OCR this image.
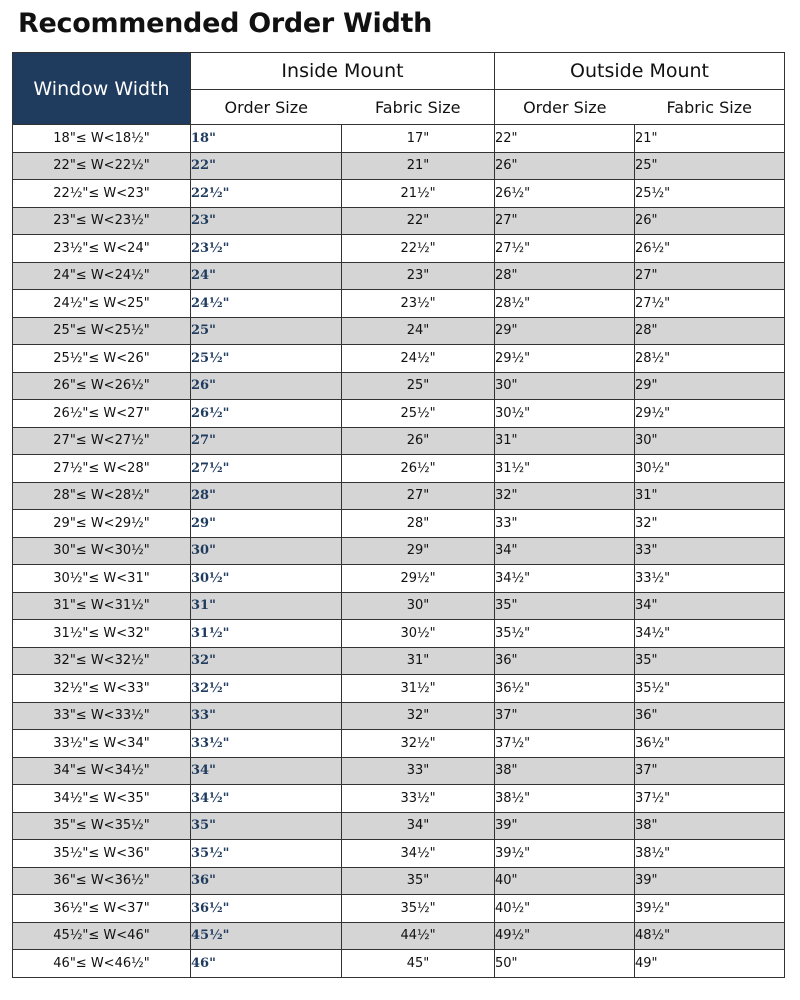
Recommended Order Width
Window Width	Inside Mount		Outside Mount	
	Order Size	Fabric Size	Order Size	Fabric Size
18"≤ W<18½"	18"	17"	22"	21"
22"≤ W<22½"	22"	21"	26"	25"
22½"≤ W<23"	22½"	21½"	26½"	25½"
23"≤ W<23½"	23"	22"	27"	26"
23½"≤ W<24"	23½"	22½"	27½"	26½"
24"≤ W<24½"	24"	23"	28"	27"
24½"≤ W<25"	24½"	23½"	28½"	27½"
25"≤ W<25½"	25"	24"	29"	28"
25½"≤ W<26"	25½"	24½"	29½"	28½"
26"≤ W<26½"	26"	25"	30"	29"
26½"≤ W<27"	26½"	25½"	30½"	29½"
27"≤ W<27½"	27"	26"	31"	30"
27½"≤ W<28"	27½"	26½"	31½"	30½"
28"≤ W<28½"	28"	27"	32"	31"
29"≤ W<29½"	29"	28"	33"	32"
30"≤ W<30½"	30"	29"	34"	33"
30½"≤ W<31"	30½"	29½"	34½"	33½"
31"≤ W<31½"	31"	30"	35"	34"
31½"≤ W<32"	31½"	30½"	35½"	34½"
32"≤ W<32½"	32"	31"	36"	35"
32½"≤ W<33"	32½"	31½"	36½"	35½"
33"≤ W<33½"	33"	32"	37"	36"
33½"≤ W<34"	33½"	32½"	37½"	36½"
34"≤ W<34½"	34"	33"	38"	37"
34½"≤ W<35"	34½"	33½"	38½"	37½"
35"≤ W<35½"	35"	34"	39"	38"
35½"≤ W<36"	35½"	34½"	39½"	38½"
36"≤ W<36½"	36"	35"	40"	39"
36½"≤ W<37"	36½"	35½"	40½"	39½"
45½"≤ W<46"	45½"	44½"	49½"	48½"
46"≤ W<46½"	46"	45"	50"	49"
